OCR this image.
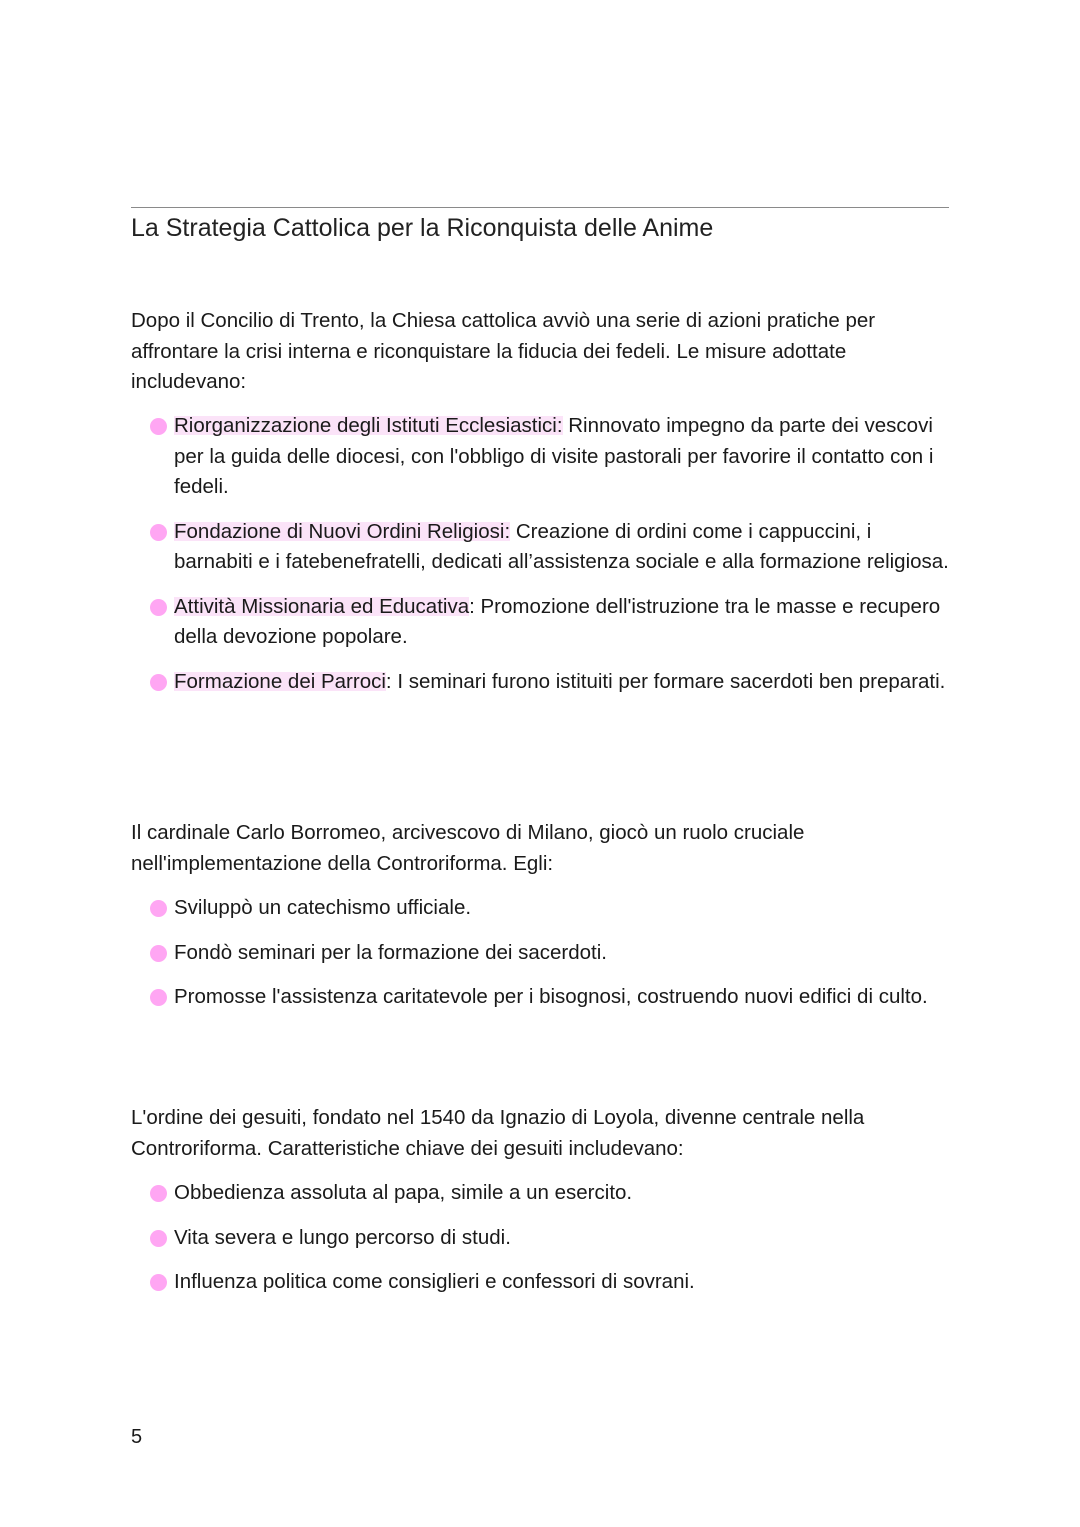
La Strategia Cattolica per la Riconquista delle Anime

Dopo il Concilio di Trento, la Chiesa cattolica avviò una serie di azioni pratiche per affrontare la crisi interna e riconquistare la fiducia dei fedeli. Le misure adottate includevano:

Riorganizzazione degli Istituti Ecclesiastici: Rinnovato impegno da parte dei vescovi per la guida delle diocesi, con l'obbligo di visite pastorali per favorire il contatto con i fedeli.
Fondazione di Nuovi Ordini Religiosi: Creazione di ordini come i cappuccini, i barnabiti e i fatebenefratelli, dedicati all’assistenza sociale e alla formazione religiosa.
Attività Missionaria ed Educativa: Promozione dell'istruzione tra le masse e recupero della devozione popolare.
Formazione dei Parroci: I seminari furono istituiti per formare sacerdoti ben preparati.

Il cardinale Carlo Borromeo, arcivescovo di Milano, giocò un ruolo cruciale nell'implementazione della Controriforma. Egli:

Sviluppò un catechismo ufficiale.
Fondò seminari per la formazione dei sacerdoti.
Promosse l'assistenza caritatevole per i bisognosi, costruendo nuovi edifici di culto.

L'ordine dei gesuiti, fondato nel 1540 da Ignazio di Loyola, divenne centrale nella Controriforma. Caratteristiche chiave dei gesuiti includevano:

Obbedienza assoluta al papa, simile a un esercito.
Vita severa e lungo percorso di studi.
Influenza politica come consiglieri e confessori di sovrani.
5
